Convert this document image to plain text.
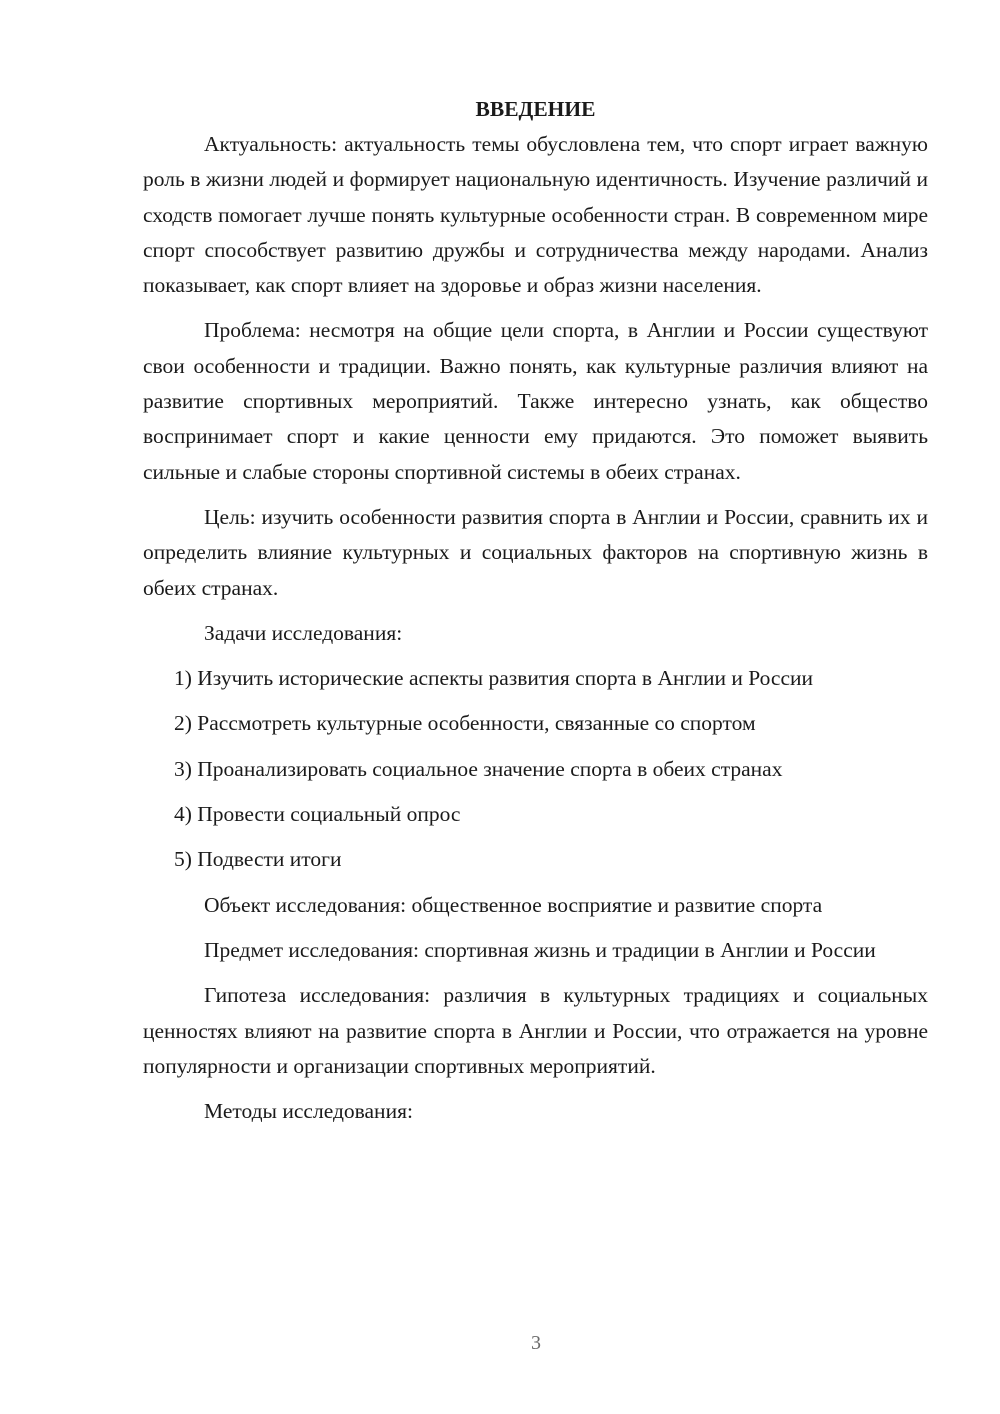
ВВЕДЕНИЕ

Актуальность: актуальность темы обусловлена тем, что спорт играет важную роль в жизни людей и формирует национальную идентичность. Изучение различий и сходств помогает лучше понять культурные особенности стран. В современном мире спорт способствует развитию дружбы и сотрудничества между народами. Анализ показывает, как спорт влияет на здоровье и образ жизни населения.

Проблема: несмотря на общие цели спорта, в Англии и России существуют свои особенности и традиции. Важно понять, как культурные различия влияют на развитие спортивных мероприятий. Также интересно узнать, как общество воспринимает спорт и какие ценности ему придаются. Это поможет выявить сильные и слабые стороны спортивной системы в обеих странах.

Цель: изучить особенности развития спорта в Англии и России, сравнить их и определить влияние культурных и социальных факторов на спортивную жизнь в обеих странах.

Задачи исследования:

1) Изучить исторические аспекты развития спорта в Англии и России
2) Рассмотреть культурные особенности, связанные со спортом
3) Проанализировать социальное значение спорта в обеих странах
4) Провести социальный опрос
5) Подвести итоги

Объект исследования: общественное восприятие и развитие спорта

Предмет исследования: спортивная жизнь и традиции в Англии и России

Гипотеза исследования: различия в культурных традициях и социальных ценностях влияют на развитие спорта в Англии и России, что отражается на уровне популярности и организации спортивных мероприятий.

Методы исследования:

3
